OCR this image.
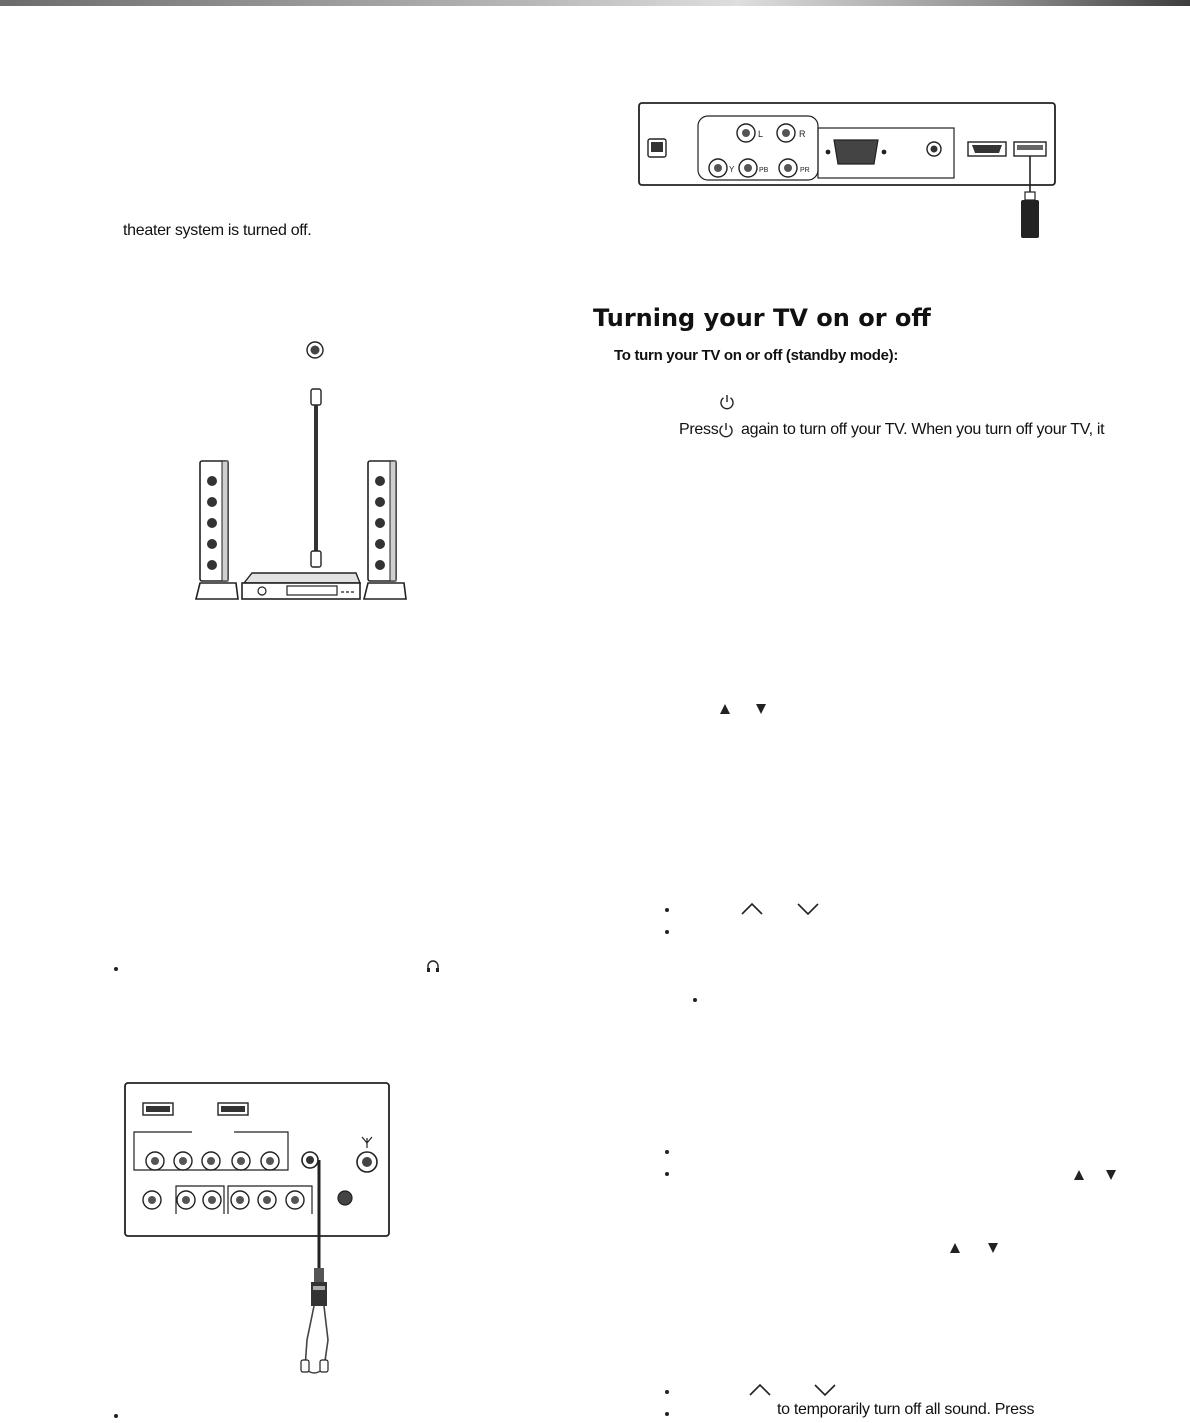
theater system is turned off.
L	R
Y	PB	PR
Turning your TV on or off
To turn your TV on or off (standby mode):
Press again to turn off your TV. When you turn off your TV, it
to temporarily turn off all sound. Press
